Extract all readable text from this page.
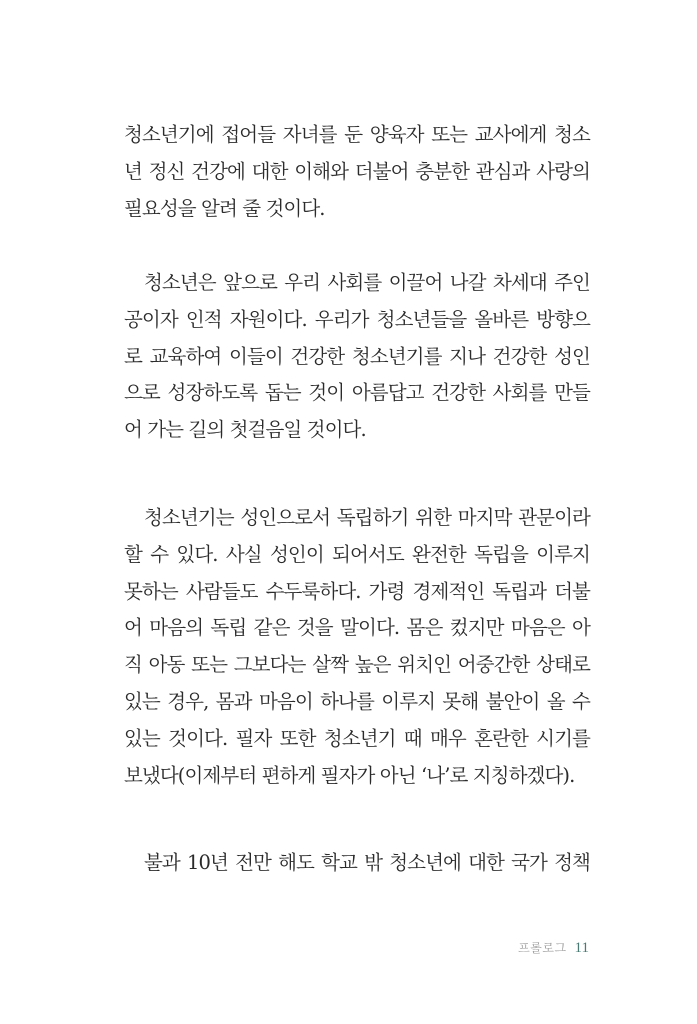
청소년기에 접어들 자녀를 둔 양육자 또는 교사에게 청소
년 정신 건강에 대한 이해와 더불어 충분한 관심과 사랑의
필요성을 알려 줄 것이다.
청소년은 앞으로 우리 사회를 이끌어 나갈 차세대 주인
공이자 인적 자원이다. 우리가 청소년들을 올바른 방향으
로 교육하여 이들이 건강한 청소년기를 지나 건강한 성인
으로 성장하도록 돕는 것이 아름답고 건강한 사회를 만들
어 가는 길의 첫걸음일 것이다.
청소년기는 성인으로서 독립하기 위한 마지막 관문이라
할 수 있다. 사실 성인이 되어서도 완전한 독립을 이루지
못하는 사람들도 수두룩하다. 가령 경제적인 독립과 더불
어 마음의 독립 같은 것을 말이다. 몸은 컸지만 마음은 아
직 아동 또는 그보다는 살짝 높은 위치인 어중간한 상태로
있는 경우, 몸과 마음이 하나를 이루지 못해 불안이 올 수
있는 것이다. 필자 또한 청소년기 때 매우 혼란한 시기를
보냈다(이제부터 편하게 필자가 아닌 ‘나’로 지칭하겠다).
불과 10년 전만 해도 학교 밖 청소년에 대한 국가 정책
프롤로그 11
